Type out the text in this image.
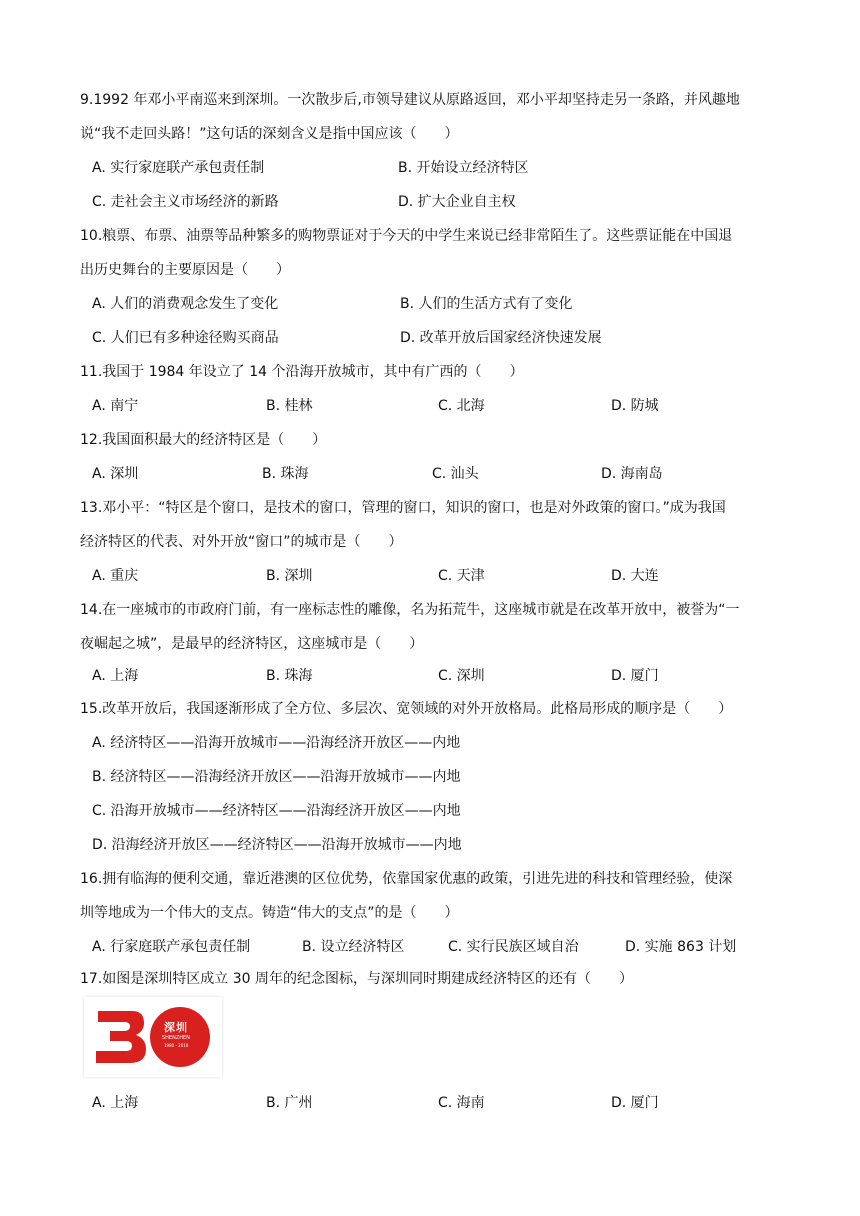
9.1992 年邓小平南巡来到深圳。一次散步后,市领导建议从原路返回，邓小平却坚持走另一条路，并风趣地
说“我不走回头路！”这句话的深刻含义是指中国应该（　　）
A. 实行家庭联产承包责任制	B. 开始设立经济特区
C. 走社会主义市场经济的新路	D. 扩大企业自主权
10.粮票、布票、油票等品种繁多的购物票证对于今天的中学生来说已经非常陌生了。这些票证能在中国退
出历史舞台的主要原因是（　　）
A. 人们的消费观念发生了变化	B. 人们的生活方式有了变化
C. 人们已有多种途径购买商品	D. 改革开放后国家经济快速发展
11.我国于 1984 年设立了 14 个沿海开放城市，其中有广西的（　　）
A. 南宁	B. 桂林	C. 北海	D. 防城
12.我国面积最大的经济特区是（　　）
A. 深圳	B. 珠海	C. 汕头	D. 海南岛
13.邓小平：“特区是个窗口，是技术的窗口，管理的窗口，知识的窗口，也是对外政策的窗口。”成为我国
经济特区的代表、对外开放“窗口”的城市是（　　）
A. 重庆	B. 深圳	C. 天津	D. 大连
14.在一座城市的市政府门前，有一座标志性的雕像，名为拓荒牛，这座城市就是在改革开放中，被誉为“一
夜崛起之城”，是最早的经济特区，这座城市是（　　）
A. 上海	B. 珠海	C. 深圳	D. 厦门
15.改革开放后，我国逐渐形成了全方位、多层次、宽领域的对外开放格局。此格局形成的顺序是（　　）
A. 经济特区——沿海开放城市——沿海经济开放区——内地
B. 经济特区——沿海经济开放区——沿海开放城市——内地
C. 沿海开放城市——经济特区——沿海经济开放区——内地
D. 沿海经济开放区——经济特区——沿海开放城市——内地
16.拥有临海的便利交通，靠近港澳的区位优势，依靠国家优惠的政策，引进先进的科技和管理经验，使深
圳等地成为一个伟大的支点。铸造“伟大的支点”的是（　　）
A. 行家庭联产承包责任制	B. 设立经济特区	C. 实行民族区域自治	D. 实施 863 计划
17.如图是深圳特区成立 30 周年的纪念图标，与深圳同时期建成经济特区的还有（　　）
深圳
SHENZHEN
1980 - 2010
A. 上海	B. 广州	C. 海南	D. 厦门
